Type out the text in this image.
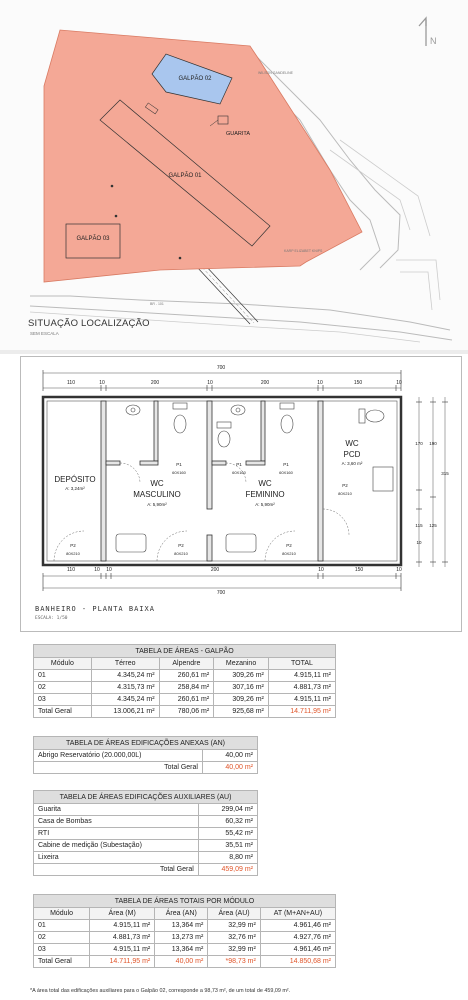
GALPÃO 02
GALPÃO 01
GALPÃO 03
GUARITA
BR - 101
WILSON GANDELINE
KARP ELIZABET KNIPS
N
SITUAÇÃO LOCALIZAÇÃO
SEM ESCALA
700
110	10	200	10	200	10	150	10
110	10	10	200	10	150	10
700
170	190
315
115	125
10
DEPÓSITO
A: 3,24m²
WC
MASCULINO
A: 5,90m²
WC
FEMININO
A: 5,90m²
WC
PCD
A: 3,60 m²
P1
60X160
P1
60X160
P1
60X160
P2
80X210
P2
80X210
P2
80X210
P2
80X210
BANHEIRO - PLANTA BAIXA
ESCALA: 1/50
TABELA DE ÁREAS - GALPÃO				
Módulo	Térreo	Alpendre	Mezanino	TOTAL
01	4.345,24 m²	260,61 m²	309,26 m²	4.915,11 m²
02	4.315,73 m²	258,84 m²	307,16 m²	4.881,73 m²
03	4.345,24 m²	260,61 m²	309,26 m²	4.915,11 m²
Total Geral	13.006,21 m²	780,06 m²	925,68 m²	14.711,95 m²
TABELA DE ÁREAS EDIFICAÇÕES ANEXAS (AN)	
Abrigo Reservatório (20.000,00L)	40,00 m²
Total Geral	40,00 m²
TABELA DE ÁREAS EDIFICAÇÕES AUXILIARES (AU)	
Guarita	299,04 m²
Casa de Bombas	60,32 m²
RTI	55,42 m²
Cabine de medição (Subestação)	35,51 m²
Lixeira	8,80 m²
Total Geral	459,09 m²
TABELA DE ÁREAS TOTAIS POR MÓDULO				
Módulo	Área (M)	Área (AN)	Área (AU)	AT (M+AN+AU)
01	4.915,11 m²	13,364 m²	32,99 m²	4.961,46 m²
02	4.881,73 m²	13,273 m²	32,76 m²	4.927,76 m²
03	4.915,11 m²	13,364 m²	32,99 m²	4.961,46 m²
Total Geral	14.711,95 m²	40,00 m²	*98,73 m²	14.850,68 m²
*A área total das edificações auxiliares para o Galpão 02, corresponde a 98,73 m², de um total de 459,09 m².
